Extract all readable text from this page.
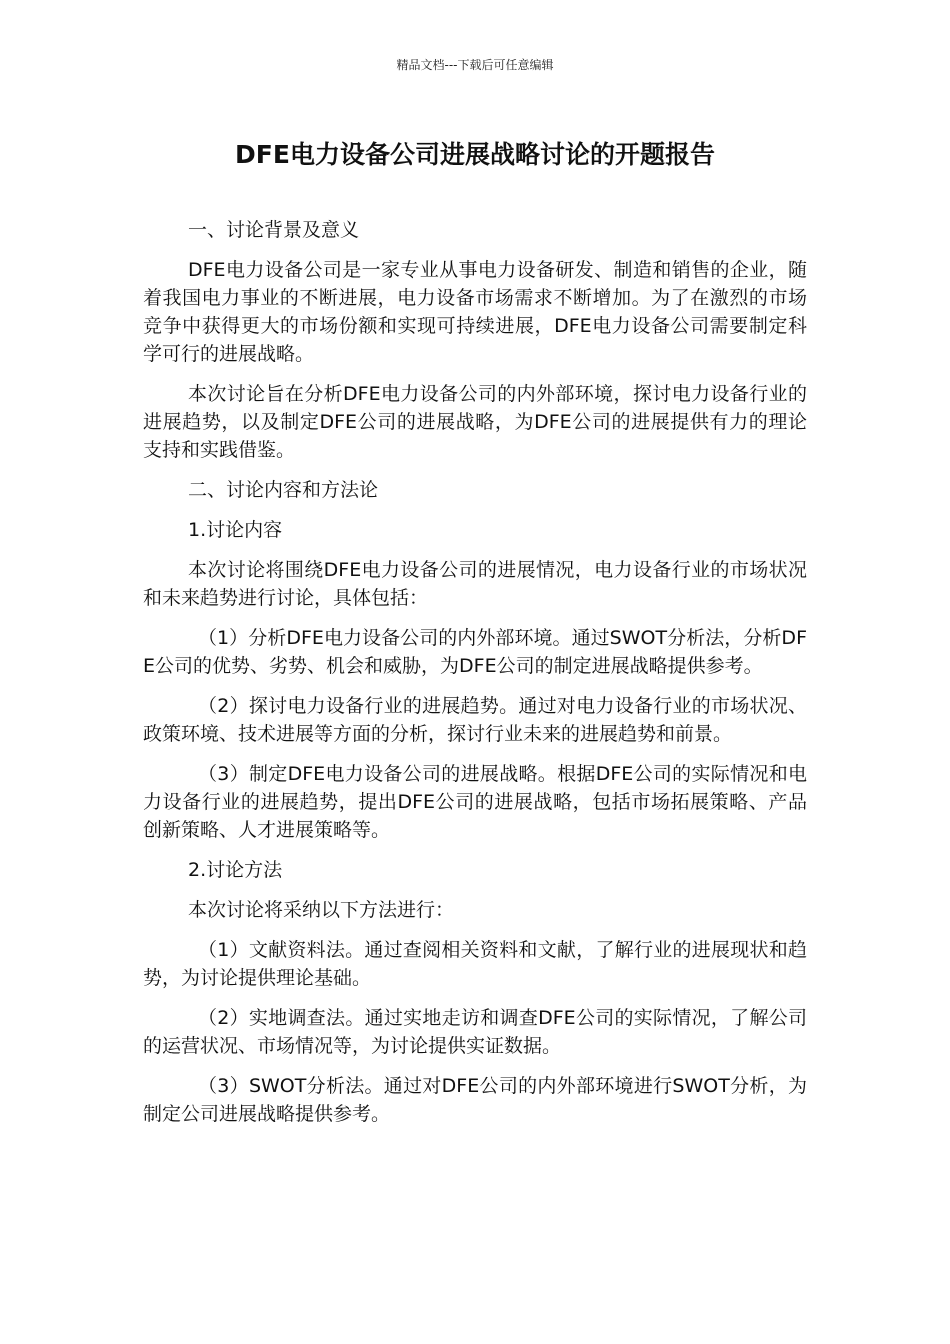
精品文档---下载后可任意编辑
DFE电力设备公司进展战略讨论的开题报告

一、讨论背景及意义

DFE电力设备公司是一家专业从事电力设备研发、制造和销售的企业，随着我国电力事业的不断进展，电力设备市场需求不断增加。为了在激烈的市场竞争中获得更大的市场份额和实现可持续进展，DFE电力设备公司需要制定科学可行的进展战略。

本次讨论旨在分析DFE电力设备公司的内外部环境，探讨电力设备行业的进展趋势，以及制定DFE公司的进展战略，为DFE公司的进展提供有力的理论支持和实践借鉴。

二、讨论内容和方法论

1.讨论内容

本次讨论将围绕DFE电力设备公司的进展情况，电力设备行业的市场状况和未来趋势进行讨论，具体包括：

（1）分析DFE电力设备公司的内外部环境。通过SWOT分析法，分析DFE公司的优势、劣势、机会和威胁，为DFE公司的制定进展战略提供参考。

（2）探讨电力设备行业的进展趋势。通过对电力设备行业的市场状况、政策环境、技术进展等方面的分析，探讨行业未来的进展趋势和前景。

（3）制定DFE电力设备公司的进展战略。根据DFE公司的实际情况和电力设备行业的进展趋势，提出DFE公司的进展战略，包括市场拓展策略、产品创新策略、人才进展策略等。

2.讨论方法

本次讨论将采纳以下方法进行：

（1）文献资料法。通过查阅相关资料和文献，了解行业的进展现状和趋势，为讨论提供理论基础。

（2）实地调查法。通过实地走访和调查DFE公司的实际情况，了解公司的运营状况、市场情况等，为讨论提供实证数据。

（3）SWOT分析法。通过对DFE公司的内外部环境进行SWOT分析，为制定公司进展战略提供参考。
